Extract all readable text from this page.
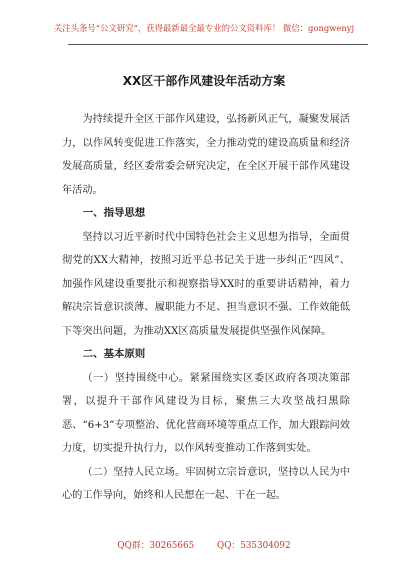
关注头条号“公文研究”，获得最新最全最专业的公文资料库！ 微信：gongwenyj
XX区干部作风建设年活动方案

为持续提升全区干部作风建设，弘扬新风正气，凝聚发展活力，以作风转变促进工作落实，全力推动党的建设高质量和经济发展高质量，经区委常委会研究决定，在全区开展干部作风建设年活动。

一、指导思想

坚持以习近平新时代中国特色社会主义思想为指导，全面贯彻党的XX大精神，按照习近平总书记关于进一步纠正“四风”、加强作风建设重要批示和视察指导XX时的重要讲话精神，着力解决宗旨意识淡薄、履职能力不足、担当意识不强、工作效能低下等突出问题，为推动XX区高质量发展提供坚强作风保障。

二、基本原则

（一）坚持围绕中心。紧紧围绕实区委区政府各项决策部署，以提升干部作风建设为目标，聚焦三大攻坚战扫黑除恶、“6+3”专项整治、优化营商环境等重点工作，加大跟踪问效力度，切实提升执行力，以作风转变推动工作落到实处。

（二）坚持人民立场。牢固树立宗旨意识，坚持以人民为中心的工作导向，始终和人民想在一起、干在一起。

QQ群：30265665	QQ：535304092
